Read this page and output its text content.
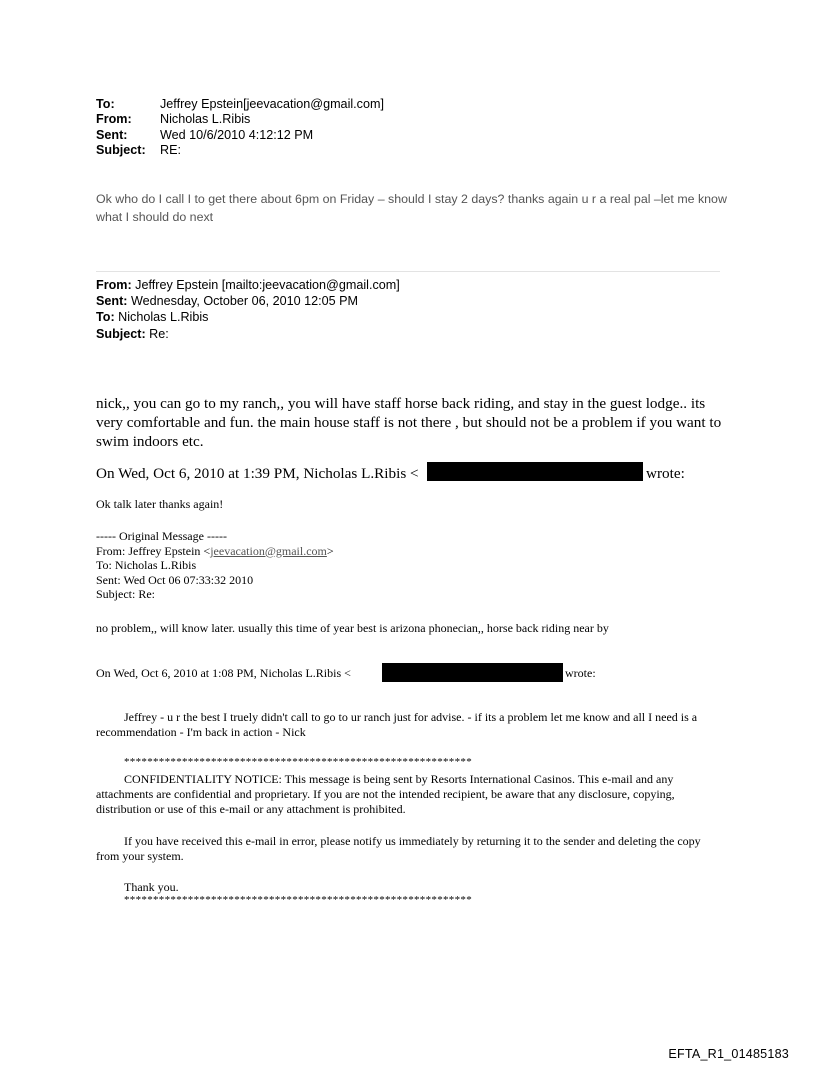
To:	Jeffrey Epstein[jeevacation@gmail.com]
From:	Nicholas L.Ribis
Sent:	Wed 10/6/2010 4:12:12 PM
Subject:	RE:
Ok who do I call I to get there about 6pm on Friday – should I stay 2 days? thanks again u r a real pal –let me know what I should do next
From: Jeffrey Epstein [mailto:jeevacation@gmail.com]
Sent: Wednesday, October 06, 2010 12:05 PM
To: Nicholas L.Ribis
Subject: Re:
nick,, you can go to my ranch,, you will have staff horse back riding, and stay in the guest lodge.. its very comfortable and fun. the main house staff is not there , but should not be a problem if you want to swim indoors etc.
On Wed, Oct 6, 2010 at 1:39 PM, Nicholas L.Ribis <	wrote:
Ok talk later thanks again!
----- Original Message -----
From: Jeffrey Epstein <jeevacation@gmail.com>
To: Nicholas L.Ribis
Sent: Wed Oct 06 07:33:32 2010
Subject: Re:
no problem,, will know later. usually this time of year best is arizona phonecian,, horse back riding near by
On Wed, Oct 6, 2010 at 1:08 PM, Nicholas L.Ribis <	wrote:
Jeffrey - u r the best I truely didn't call to go to ur ranch just for advise. - if its a problem let me know and all I need is a recommendation - I'm back in action - Nick
************************************************************
CONFIDENTIALITY NOTICE: This message is being sent by Resorts International Casinos. This e-mail and any attachments are confidential and proprietary. If you are not the intended recipient, be aware that any disclosure, copying, distribution or use of this e-mail or any attachment is prohibited.
If you have received this e-mail in error, please notify us immediately by returning it to the sender and deleting the copy from your system.
Thank you.
************************************************************
EFTA_R1_01485183
